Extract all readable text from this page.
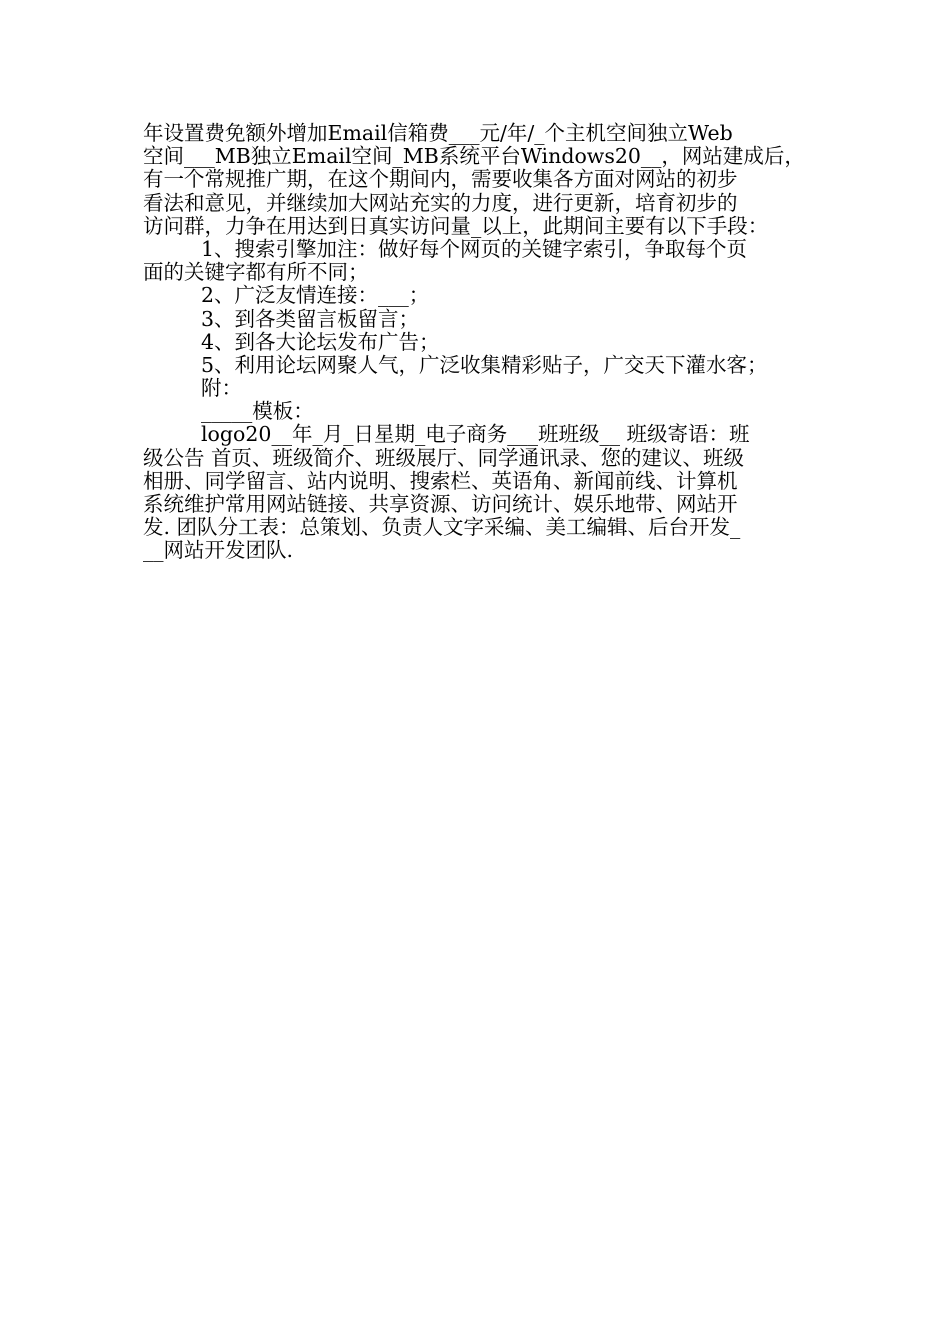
年设置费免额外增加Email信箱费___元/年/_个主机空间独立Web
空间___MB独立Email空间_MB系统平台Windows20__，网站建成后，
有一个常规推广期，在这个期间内，需要收集各方面对网站的初步
看法和意见，并继续加大网站充实的力度，进行更新，培育初步的
访问群，力争在用达到日真实访问量_以上，此期间主要有以下手段：
1、搜索引擎加注：做好每个网页的关键字索引，争取每个页
面的关键字都有所不同；
2、广泛友情连接：___；
3、到各类留言板留言；
4、到各大论坛发布广告；
5、利用论坛网聚人气，广泛收集精彩贴子，广交天下灌水客；
附：
_____模板：
logo20__年_月_日星期_电子商务___班班级__ 班级寄语：班
级公告 首页、班级简介、班级展厅、同学通讯录、您的建议、班级
相册、同学留言、站内说明、搜索栏、英语角、新闻前线、计算机
系统维护常用网站链接、共享资源、访问统计、娱乐地带、网站开
发. 团队分工表：总策划、负责人文字采编、美工编辑、后台开发_
__网站开发团队.
